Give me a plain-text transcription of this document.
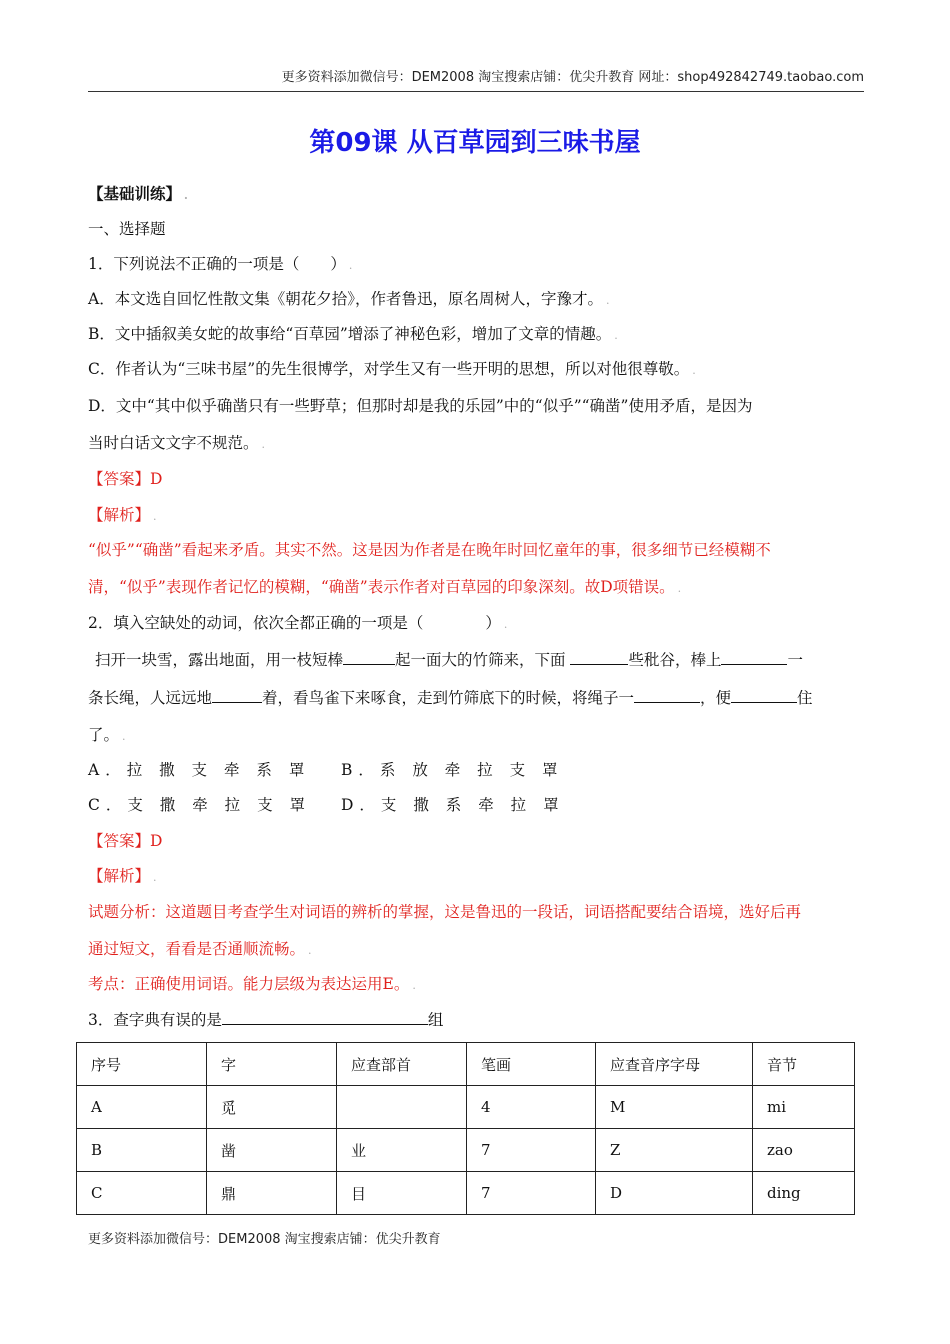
更多资料添加微信号：DEM2008 淘宝搜索店铺：优尖升教育 网址：shop492842749.taobao.com
第09课 从百草园到三味书屋
【基础训练】 .
一、选择题
1．下列说法不正确的一项是（　　） .
A．本文选自回忆性散文集《朝花夕拾》，作者鲁迅，原名周树人，字豫才。 .
B．文中插叙美女蛇的故事给“百草园”增添了神秘色彩，增加了文章的情趣。 .
C．作者认为“三味书屋”的先生很博学，对学生又有一些开明的思想，所以对他很尊敬。 .
D．文中“其中似乎确凿只有一些野草；但那时却是我的乐园”中的“似乎”“确凿”使用矛盾，是因为
当时白话文文字不规范。 .
【答案】D
【解析】 .
“似乎”“确凿”看起来矛盾。其实不然。这是因为作者是在晚年时回忆童年的事，很多细节已经模糊不
清，“似乎”表现作者记忆的模糊，“确凿”表示作者对百草园的印象深刻。故D项错误。 .
2．填入空缺处的动词，依次全都正确的一项是（　　　　） .
扫开一块雪，露出地面，用一枝短棒	起一面大的竹筛来，下面	些秕谷，棒上	一
条长绳，人远远地	着，看鸟雀下来啄食，走到竹筛底下的时候，将绳子一	，便	住
了。 .
A．拉 撒 支 牵 系 罩 B．系 放 牵 拉 支 罩
C．支 撒 牵 拉 支 罩 D．支 撒 系 牵 拉 罩
【答案】D
【解析】 .
试题分析：这道题目考查学生对词语的辨析的掌握，这是鲁迅的一段话，词语搭配要结合语境，选好后再
通过短文，看看是否通顺流畅。 .
考点：正确使用词语。能力层级为表达运用E。 .
3．查字典有误的是	组
序号	字	应查部首	笔画	应查音序字母	音节
A	觅		4	M	mi
B	凿	业	7	Z	zao
C	鼎	目	7	D	ding
更多资料添加微信号：DEM2008 淘宝搜索店铺：优尖升教育
